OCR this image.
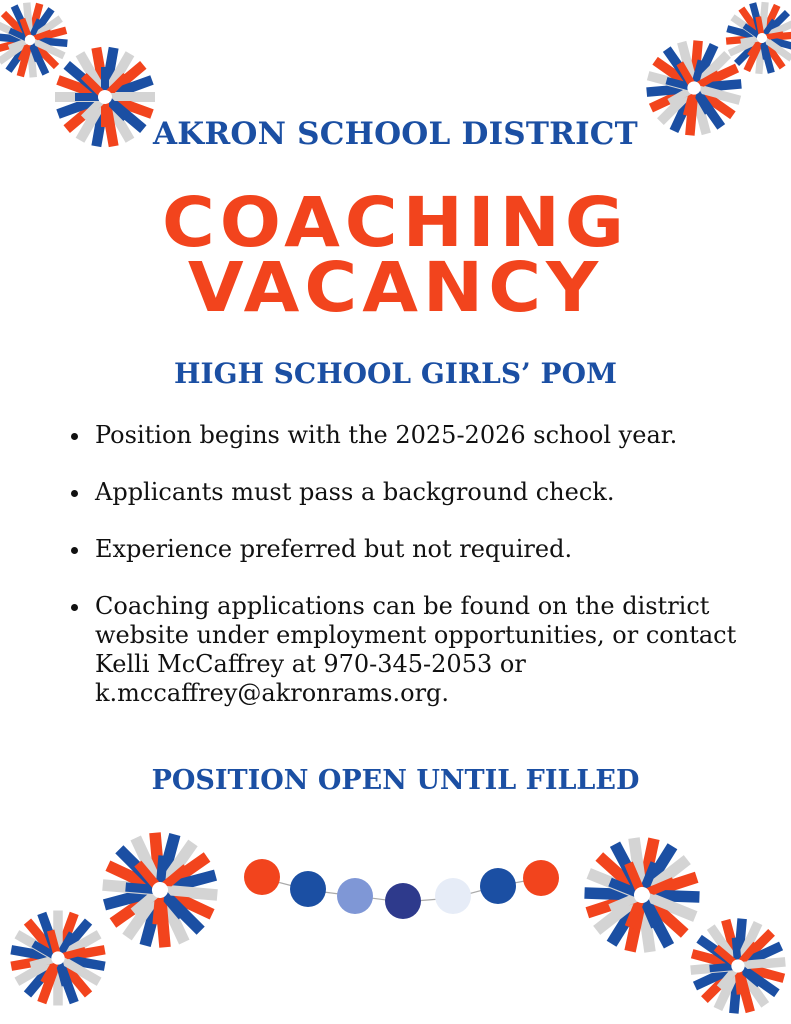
AKRON SCHOOL DISTRICT
COACHING
VACANCY
HIGH SCHOOL GIRLS’ POM
Position begins with the 2025-2026 school year.
Applicants must pass a background check.
Experience preferred but not required.
Coaching applications can be found on the district website under employment opportunities, or contact Kelli McCaffrey at 970-345-2053 or k.mccaffrey@akronrams.org.
POSITION OPEN UNTIL FILLED
